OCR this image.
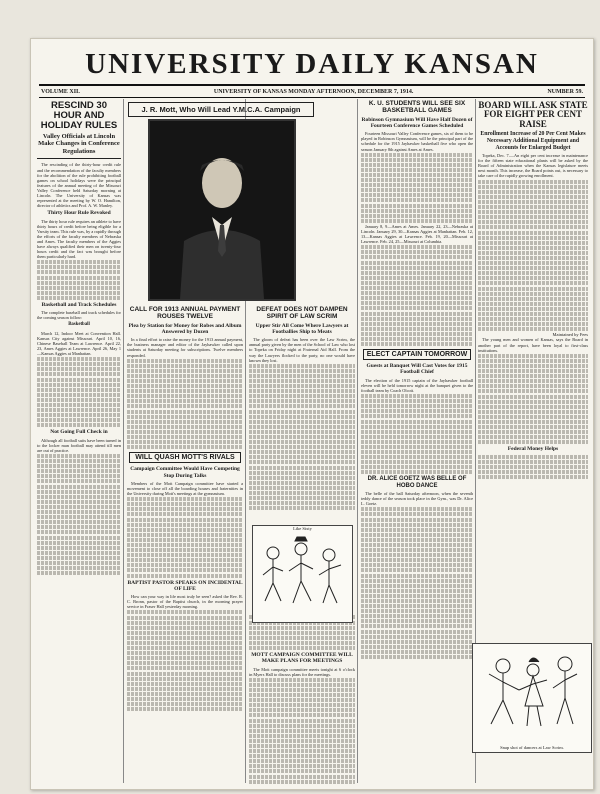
UNIVERSITY DAILY KANSAN
VOLUME XII.	UNIVERSITY OF KANSAS MONDAY AFTERNOON, DECEMBER 7, 1914.	NUMBER 59.
RESCIND 30 HOUR AND HOLIDAY RULES
Valley Officials at Lincoln Make Changes in Conference Regulations

The rescinding of the thirty-hour credit rule and the recommendation of the faculty members for the abolition of the rule prohibiting football games on school holidays were the principal features of the annual meeting of the Missouri Valley Conference held Saturday morning at Lincoln. The University of Kansas was represented at the meeting by W. O. Hamilton, director of athletics and Prof. A. W. Manley.

Thirty Hour Rule Revoked

The thirty hour rule requires an athlete to have thirty hours of credit before being eligible for a Varsity team. This rule was, by a rapidly through the efforts of the faculty members of Nebraska and Ames. The faculty members of the Aggies have always qualified their men on twenty-four hours credit and the fact was brought before them particularly hard.

Basketball and Track Schedules

The complete baseball and track schedules for the coming season follow:

Basketball

March 12, Indoor Meet at Convention Hall. Kansas City against Missouri. April 10, 16, Chinese Baseball Team at Lawrence. April 22, 23, Ames Aggies at Lawrence. April 26, May 1—Kansas Aggies at Manhattan.

Not Going Full Check in

Although all football suits have been turned in to the locker man football may attend till men are out of practice.

J. R. Mott, Who Will Lead Y.M.C.A. Campaign
CALL FOR 1913 ANNUAL PAYMENT ROUSES TWELVE
Plea by Station for Money for Robes and Album Answered by Dozen

In a final effort to raise the money for the 1913 annual payment, the business manager and editor of the Jayhawker called upon students at Saturday meeting for subscriptions. Twelve members responded.

WILL QUASH MOTT'S RIVALS
Campaign Committee Would Have Competing Stop During Talks

Members of the Mott Campaign committee have started a movement to close off all the boarding houses and fraternities in the University during Mott's meetings at the gymnasium.

BAPTIST PASTOR SPEAKS ON INCIDENTAL OF LIFE

How can your way in life most truly be seen? asked the Rev. R. C. Bronn, pastor of the Baptist church, in the morning prayer service in Fraser Hall yesterday morning.

DEFEAT DOES NOT DAMPEN SPIRIT OF LAW SCRIM
Upper Stir All Come Where Lawyers at Footballies Ship to Meats

The gloom of defeat has been over the Law Scrim, the annual party given by the men of the School of Law who lost to Topeka on Friday night at Fraternal Aid Hall. From the way the Lawyers flocked to the party, no one would have known they lost.

MOTT CAMPAIGN COMMITTEE WILL MAKE PLANS FOR MEETINGS

The Mott campaign committee meets tonight at 6 o'clock in Myers Hall to discuss plans for the meetings.

Like Sixty
K. U. STUDENTS WILL SEE SIX BASKETBALL GAMES
Robinson Gymnasium Will Have Half Dozen of Fourteen Conference Games Scheduled

Fourteen Missouri Valley Conference games, six of them to be played in Robinson Gymnasium, will be the principal part of the schedule for the 1915 Jayhawker basketball five who open the season January 8th against Ames at Ames.

January 8, 9—Ames at Ames. January 22, 23—Nebraska at Lincoln. January 29, 30—Kansas Aggies at Manhattan. Feb. 12, 13—Kansas Aggies at Lawrence. Feb. 19, 20—Missouri at Lawrence. Feb. 24, 25—Missouri at Columbia.

ELECT CAPTAIN TOMORROW
Guests at Banquet Will Cast Votes for 1915 Football Chief

The election of the 1915 captain of the Jayhawker football eleven will be held tomorrow night at the banquet given to the football team by Coach Olcott.

DR. ALICE GOETZ WAS BELLE OF HOBO DANCE

The belle of the ball Saturday afternoon, when the seventh teddy dance of the season took place in the Gym., was Dr. Alice L. Goetz.

BOARD WILL ASK STATE FOR EIGHT PER CENT RAISE
Enrollment Increase of 20 Per Cent Makes Necessary Additional Equipment and Accounts for Enlarged Budget

Topeka, Dec. 7.—An eight per cent increase in maintenance for the fifteen state educational plants will be asked by the Board of Administration when the Kansas legislature meets next month. This increase, the Board points out, is necessary to take care of the rapidly growing enrollment.

Maintained by Fees

The young men and women of Kansas, says the Board in another part of the report, have been loyal to first-class institutions.

Federal Money Helps
Snap shot of dancers at Law Scrim.
